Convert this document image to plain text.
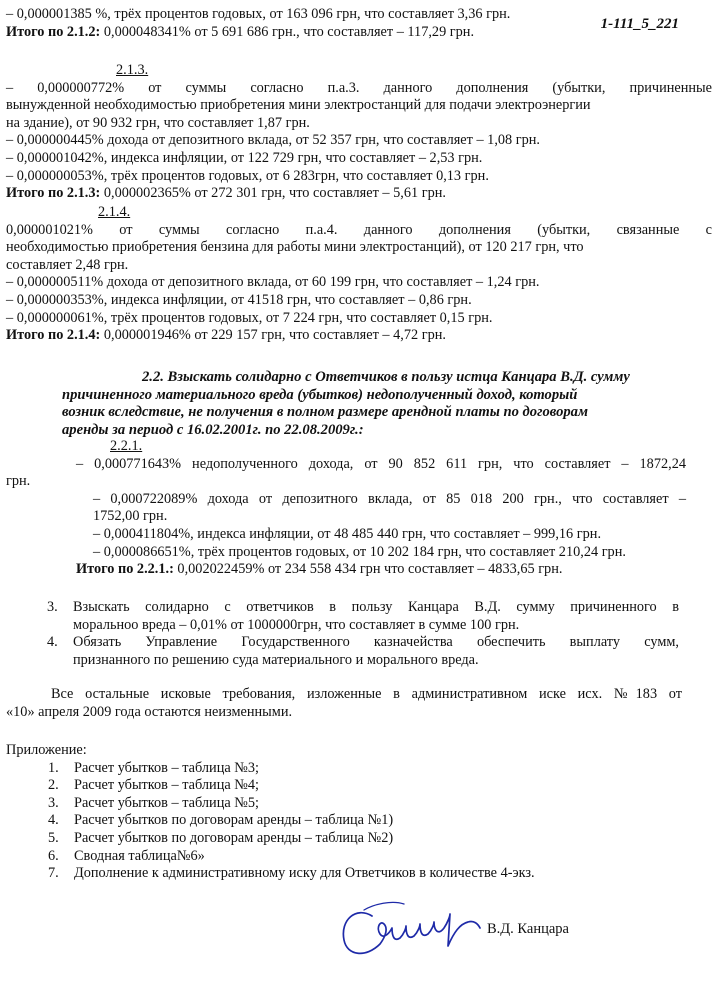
1-111_5_221
– 0,000001385 %, трёх процентов годовых, от 163 096 грн, что составляет 3,36 грн.
Итого по 2.1.2: 0,000048341% от 5 691 686 грн., что составляет – 117,29 грн.
2.1.3.
– 0,000000772% от суммы согласно п.а.3. данного дополнения (убытки, причиненные
вынужденной необходимостью приобретения мини электростанций для подачи электроэнергии
на здание), от 90 932 грн, что составляет 1,87 грн.
– 0,000000445% дохода от депозитного вклада, от 52 357 грн, что составляет – 1,08 грн.
– 0,000001042%, индекса инфляции, от 122 729 грн, что составляет – 2,53 грн.
– 0,000000053%, трёх процентов годовых, от 6 283грн, что составляет 0,13 грн.
Итого по 2.1.3: 0,000002365% от 272 301 грн, что составляет – 5,61 грн.
2.1.4.
0,000001021% от суммы согласно п.а.4. данного дополнения (убытки, связанные с
необходимостью приобретения бензина для работы мини электростанций), от 120 217 грн, что
составляет 2,48 грн.
– 0,000000511% дохода от депозитного вклада, от 60 199 грн, что составляет – 1,24 грн.
– 0,000000353%, индекса инфляции, от 41518 грн, что составляет – 0,86 грн.
– 0,000000061%, трёх процентов годовых, от 7 224 грн, что составляет 0,15 грн.
Итого по 2.1.4: 0,000001946% от 229 157 грн, что составляет – 4,72 грн.
2.2. Взыскать солидарно с Ответчиков в пользу истца Канцара В.Д. сумму
причиненного материального вреда (убытков) недополученный доход, который
возник вследствие, не получения в полном размере арендной платы по договорам
аренды за период с 16.02.2001г. по 22.08.2009г.:
2.2.1.
– 0,000771643% недополученного дохода, от 90 852 611 грн, что составляет – 1872,24
грн.
– 0,000722089% дохода от депозитного вклада, от 85 018 200 грн., что составляет –
1752,00 грн.
– 0,000411804%, индекса инфляции, от 48 485 440 грн, что составляет – 999,16 грн.
– 0,000086651%, трёх процентов годовых, от 10 202 184 грн, что составляет 210,24 грн.
Итого по 2.2.1.: 0,002022459% от 234 558 434 грн что составляет – 4833,65 грн.
3. Взыскать солидарно с ответчиков в пользу Канцара В.Д. сумму причиненного в
моральноо вреда – 0,01% от 1000000грн, что составляет в сумме 100 грн.
4. Обязать Управление Государственного казначейства обеспечить выплату сумм,
признанного по решению суда материального и морального вреда.
Все остальные исковые требования, изложенные в административном иске исх. №183 от
«10» апреля 2009 года остаются неизменными.
Приложение:
1. Расчет убытков – таблица №3;
2. Расчет убытков – таблица №4;
3. Расчет убытков – таблица №5;
4. Расчет убытков по договорам аренды – таблица №1)
5. Расчет убытков по договорам аренды – таблица №2)
6. Сводная таблица№6»
7. Дополнение к административному иску для Ответчиков в количестве 4-экз.
В.Д. Канцара
